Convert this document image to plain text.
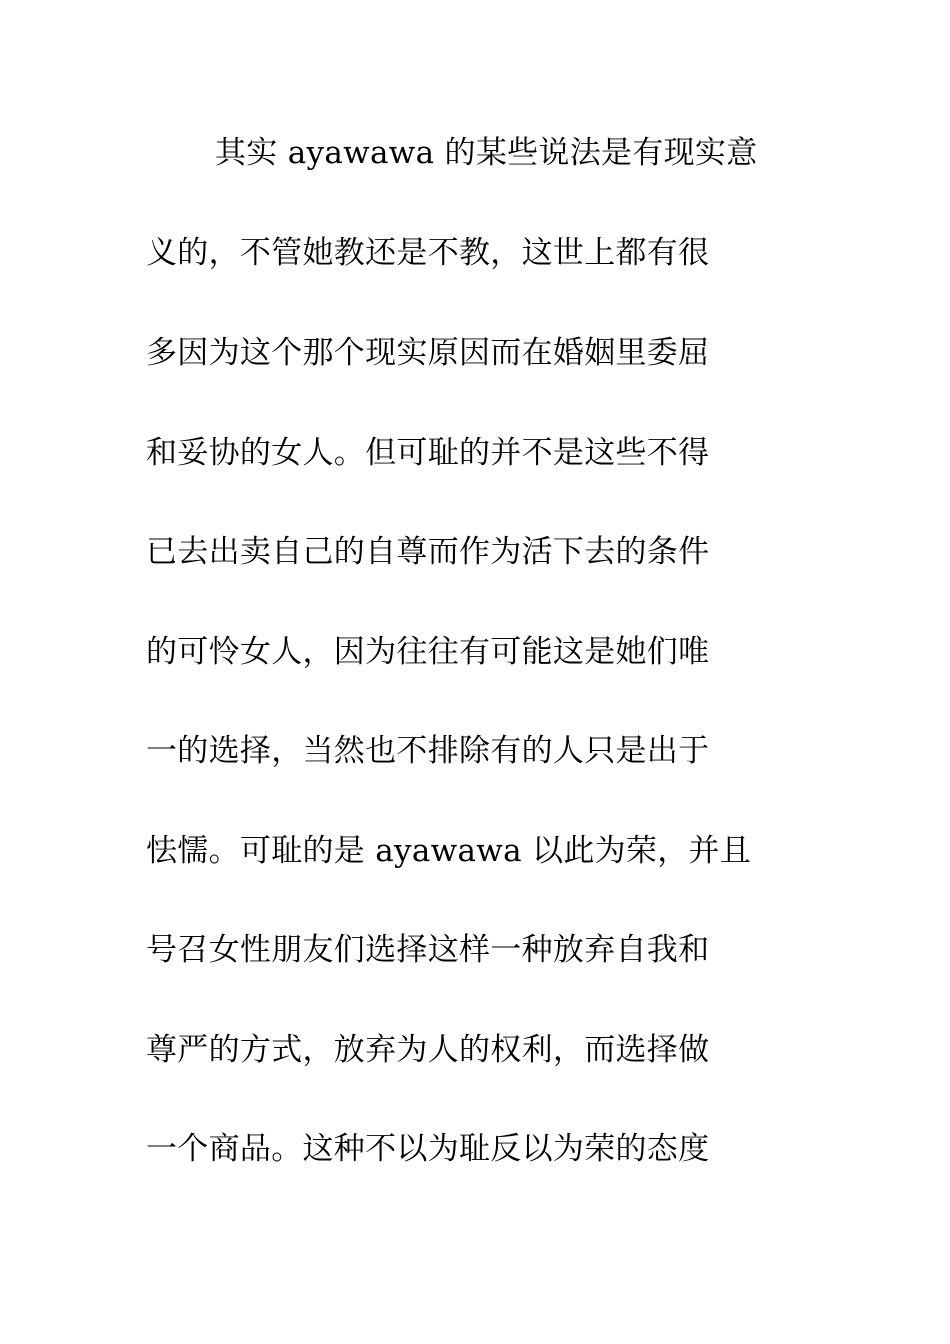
其实 ayawawa 的某些说法是有现实意
义的，不管她教还是不教，这世上都有很
多因为这个那个现实原因而在婚姻里委屈
和妥协的女人。但可耻的并不是这些不得
已去出卖自己的自尊而作为活下去的条件
的可怜女人，因为往往有可能这是她们唯
一的选择，当然也不排除有的人只是出于
怯懦。可耻的是 ayawawa 以此为荣，并且
号召女性朋友们选择这样一种放弃自我和
尊严的方式，放弃为人的权利，而选择做
一个商品。这种不以为耻反以为荣的态度
